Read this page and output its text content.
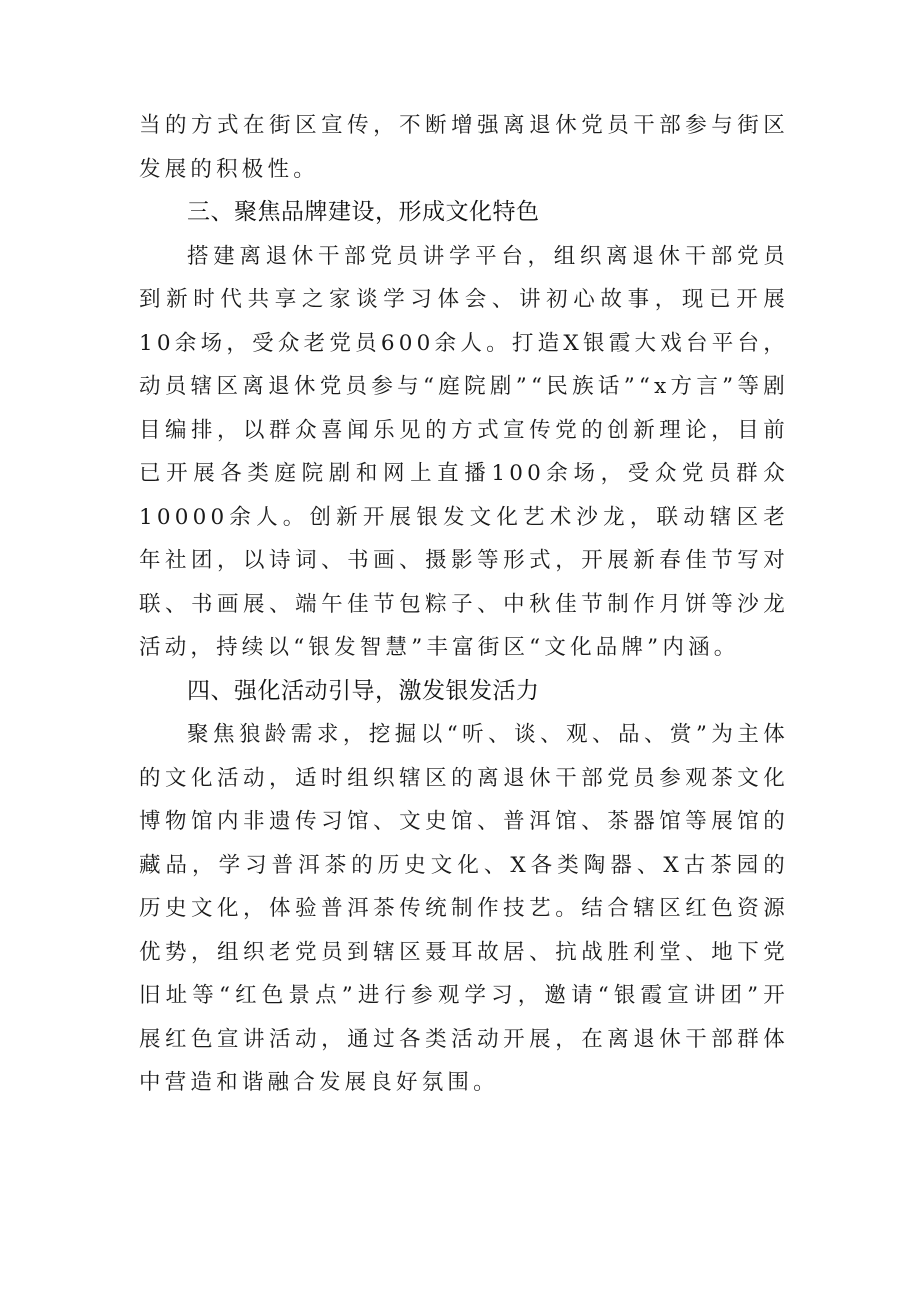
当的方式在街区宣传，不断增强离退休党员干部参与街区发展的积极性。

三、聚焦品牌建设，形成文化特色

搭建离退休干部党员讲学平台，组织离退休干部党员到新时代共享之家谈学习体会、讲初心故事，现已开展10余场，受众老党员600余人。打造X银霞大戏台平台，动员辖区离退休党员参与“庭院剧”“民族话”“x方言”等剧目编排，以群众喜闻乐见的方式宣传党的创新理论，目前已开展各类庭院剧和网上直播100余场，受众党员群众10000余人。创新开展银发文化艺术沙龙，联动辖区老年社团，以诗词、书画、摄影等形式，开展新春佳节写对联、书画展、端午佳节包粽子、中秋佳节制作月饼等沙龙活动，持续以“银发智慧”丰富街区“文化品牌”内涵。

四、强化活动引导，激发银发活力

聚焦狼龄需求，挖掘以“听、谈、观、品、赏”为主体的文化活动，适时组织辖区的离退休干部党员参观茶文化博物馆内非遗传习馆、文史馆、普洱馆、茶器馆等展馆的藏品，学习普洱茶的历史文化、X各类陶器、X古茶园的历史文化，体验普洱茶传统制作技艺。结合辖区红色资源优势，组织老党员到辖区聂耳故居、抗战胜利堂、地下党旧址等“红色景点”进行参观学习，邀请“银霞宣讲团”开展红色宣讲活动，通过各类活动开展，在离退休干部群体中营造和谐融合发展良好氛围。
